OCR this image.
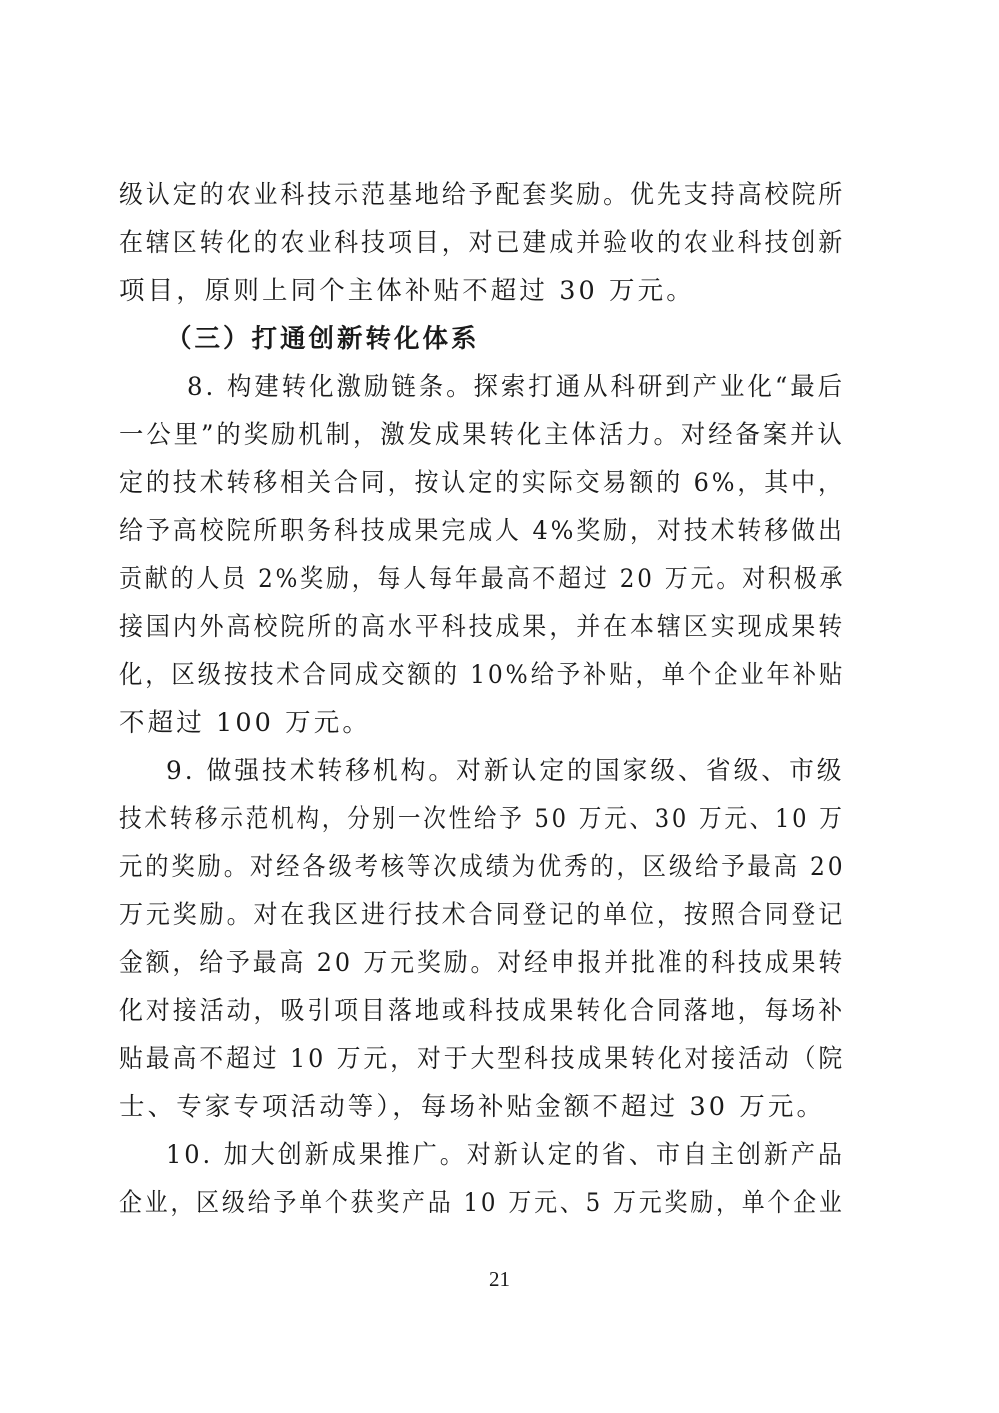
级认定的农业科技示范基地给予配套奖励。优先支持高校院所
在辖区转化的农业科技项目，对已建成并验收的农业科技创新
项目，原则上同个主体补贴不超过 30 万元。
（三）打通创新转化体系
8. 构建转化激励链条。探索打通从科研到产业化“最后
一公里”的奖励机制，激发成果转化主体活力。对经备案并认
定的技术转移相关合同，按认定的实际交易额的 6%，其中，
给予高校院所职务科技成果完成人 4%奖励，对技术转移做出
贡献的人员 2%奖励，每人每年最高不超过 20 万元。对积极承
接国内外高校院所的高水平科技成果，并在本辖区实现成果转
化，区级按技术合同成交额的 10%给予补贴，单个企业年补贴
不超过 100 万元。
9. 做强技术转移机构。对新认定的国家级、省级、市级
技术转移示范机构，分别一次性给予 50 万元、30 万元、10 万
元的奖励。对经各级考核等次成绩为优秀的，区级给予最高 20
万元奖励。对在我区进行技术合同登记的单位，按照合同登记
金额，给予最高 20 万元奖励。对经申报并批准的科技成果转
化对接活动，吸引项目落地或科技成果转化合同落地，每场补
贴最高不超过 10 万元，对于大型科技成果转化对接活动（院
士、专家专项活动等），每场补贴金额不超过 30 万元。
10. 加大创新成果推广。对新认定的省、市自主创新产品
企业，区级给予单个获奖产品 10 万元、5 万元奖励，单个企业
21
